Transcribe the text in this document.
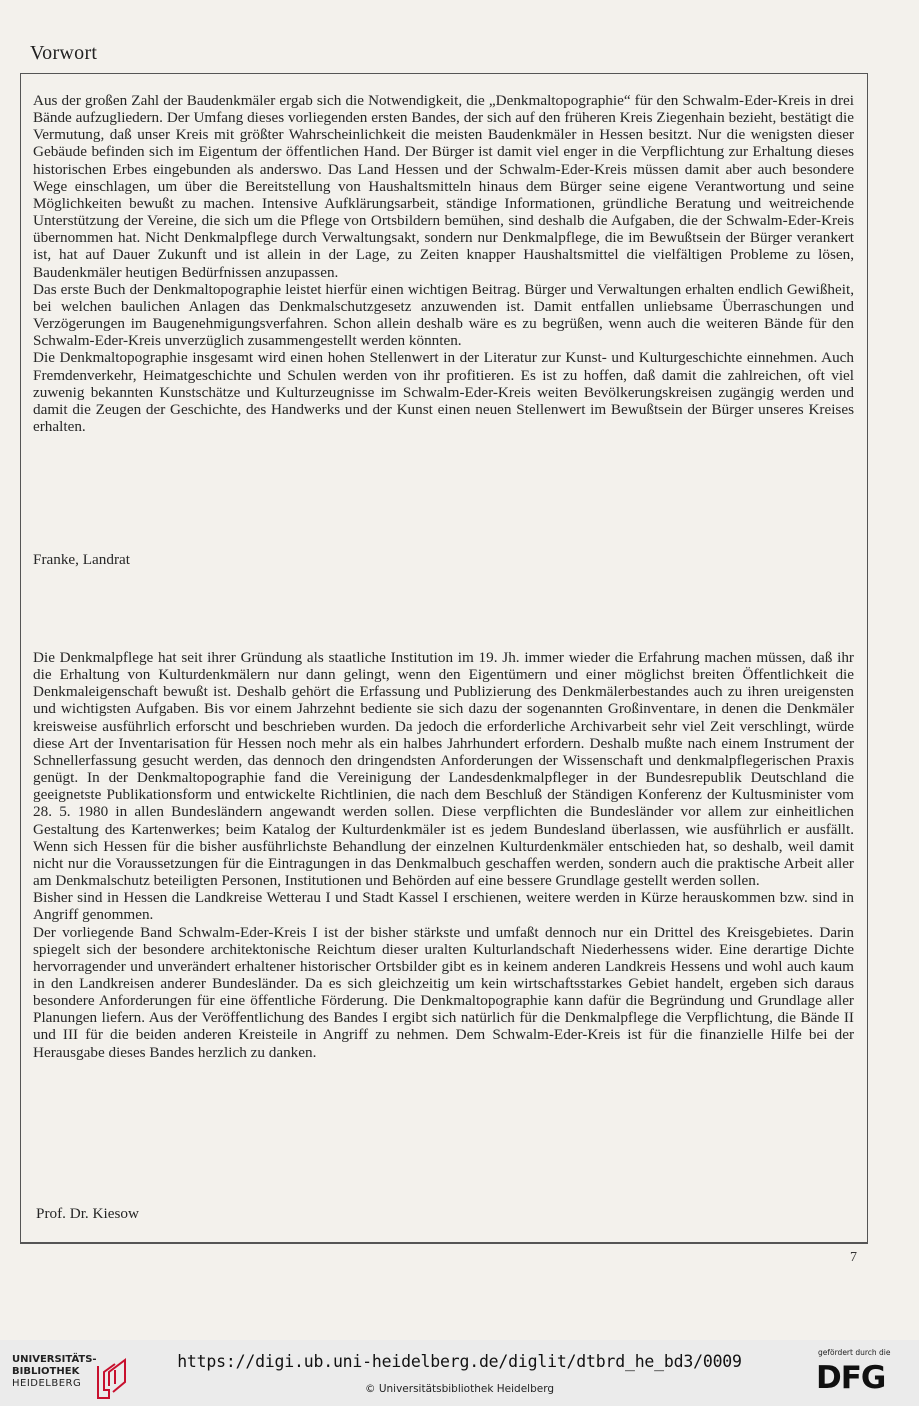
Vorwort

Aus der großen Zahl der Baudenkmäler ergab sich die Notwendigkeit, die „Denkmaltopographie“ für den Schwalm-Eder-Kreis in drei Bände aufzugliedern. Der Umfang dieses vorliegenden ersten Bandes, der sich auf den früheren Kreis Ziegenhain bezieht, bestätigt die Vermutung, daß unser Kreis mit größter Wahrscheinlichkeit die meisten Baudenkmäler in Hessen besitzt. Nur die wenigsten dieser Gebäude befinden sich im Eigentum der öffentlichen Hand. Der Bürger ist damit viel enger in die Verpflichtung zur Erhaltung dieses historischen Erbes eingebunden als anderswo. Das Land Hessen und der Schwalm-Eder-Kreis müssen damit aber auch besondere Wege einschlagen, um über die Bereitstellung von Haushaltsmitteln hinaus dem Bürger seine eigene Verantwortung und seine Möglichkeiten bewußt zu machen. Intensive Aufklärungsarbeit, ständige Informationen, gründliche Beratung und weitreichende Unterstützung der Vereine, die sich um die Pflege von Ortsbildern bemühen, sind deshalb die Aufgaben, die der Schwalm-Eder-Kreis übernommen hat. Nicht Denkmalpflege durch Verwaltungsakt, sondern nur Denkmalpflege, die im Bewußtsein der Bürger verankert ist, hat auf Dauer Zukunft und ist allein in der Lage, zu Zeiten knapper Haushaltsmittel die vielfältigen Probleme zu lösen, Baudenkmäler heutigen Bedürfnissen anzupassen.

Das erste Buch der Denkmaltopographie leistet hierfür einen wichtigen Beitrag. Bürger und Verwaltungen erhalten endlich Gewißheit, bei welchen baulichen Anlagen das Denkmalschutzgesetz anzuwenden ist. Damit entfallen unliebsame Überraschungen und Verzögerungen im Baugenehmigungsverfahren. Schon allein deshalb wäre es zu begrüßen, wenn auch die weiteren Bände für den Schwalm-Eder-Kreis unverzüglich zusammengestellt werden könnten.

Die Denkmaltopographie insgesamt wird einen hohen Stellenwert in der Literatur zur Kunst- und Kulturgeschichte einnehmen. Auch Fremdenverkehr, Heimatgeschichte und Schulen werden von ihr profitieren. Es ist zu hoffen, daß damit die zahlreichen, oft viel zuwenig bekannten Kunstschätze und Kulturzeugnisse im Schwalm-Eder-Kreis weiten Bevölkerungskreisen zugängig werden und damit die Zeugen der Geschichte, des Handwerks und der Kunst einen neuen Stellenwert im Bewußtsein der Bürger unseres Kreises erhalten.

Franke, Landrat

Die Denkmalpflege hat seit ihrer Gründung als staatliche Institution im 19. Jh. immer wieder die Erfahrung machen müssen, daß ihr die Erhaltung von Kulturdenkmälern nur dann gelingt, wenn den Eigentümern und einer möglichst breiten Öffentlichkeit die Denkmaleigenschaft bewußt ist. Deshalb gehört die Erfassung und Publizierung des Denkmälerbestandes auch zu ihren ureigensten und wichtigsten Aufgaben. Bis vor einem Jahrzehnt bediente sie sich dazu der sogenannten Großinventare, in denen die Denkmäler kreisweise ausführlich erforscht und beschrieben wurden. Da jedoch die erforderliche Archivarbeit sehr viel Zeit verschlingt, würde diese Art der Inventarisation für Hessen noch mehr als ein halbes Jahrhundert erfordern. Deshalb mußte nach einem Instrument der Schnellerfassung gesucht werden, das dennoch den dringendsten Anforderungen der Wissenschaft und denkmalpflegerischen Praxis genügt. In der Denkmaltopographie fand die Vereinigung der Landesdenkmalpfleger in der Bundesrepublik Deutschland die geeignetste Publikationsform und entwickelte Richtlinien, die nach dem Beschluß der Ständigen Konferenz der Kultusminister vom 28. 5. 1980 in allen Bundesländern angewandt werden sollen. Diese verpflichten die Bundesländer vor allem zur einheitlichen Gestaltung des Kartenwerkes; beim Katalog der Kulturdenkmäler ist es jedem Bundesland überlassen, wie ausführlich er ausfällt. Wenn sich Hessen für die bisher ausführlichste Behandlung der einzelnen Kulturdenkmäler entschieden hat, so deshalb, weil damit nicht nur die Voraussetzungen für die Eintragungen in das Denkmalbuch geschaffen werden, sondern auch die praktische Arbeit aller am Denkmalschutz beteiligten Personen, Institutionen und Behörden auf eine bessere Grundlage gestellt werden sollen.

Bisher sind in Hessen die Landkreise Wetterau I und Stadt Kassel I erschienen, weitere werden in Kürze herauskommen bzw. sind in Angriff genommen.

Der vorliegende Band Schwalm-Eder-Kreis I ist der bisher stärkste und umfaßt dennoch nur ein Drittel des Kreisgebietes. Darin spiegelt sich der besondere architektonische Reichtum dieser uralten Kulturlandschaft Niederhessens wider. Eine derartige Dichte hervorragender und unverändert erhaltener historischer Ortsbilder gibt es in keinem anderen Landkreis Hessens und wohl auch kaum in den Landkreisen anderer Bundesländer. Da es sich gleichzeitig um kein wirtschaftsstarkes Gebiet handelt, ergeben sich daraus besondere Anforderungen für eine öffentliche Förderung. Die Denkmaltopographie kann dafür die Begründung und Grundlage aller Planungen liefern. Aus der Veröffentlichung des Bandes I ergibt sich natürlich für die Denkmalpflege die Verpflichtung, die Bände II und III für die beiden anderen Kreisteile in Angriff zu nehmen. Dem Schwalm-Eder-Kreis ist für die finanzielle Hilfe bei der Herausgabe dieses Bandes herzlich zu danken.

Prof. Dr. Kiesow
7
UNIVERSITÄTS-
BIBLIOTHEK
HEIDELBERG
https://digi.ub.uni-heidelberg.de/diglit/dtbrd_he_bd3/0009
© Universitätsbibliothek Heidelberg
gefördert durch die
DFG
